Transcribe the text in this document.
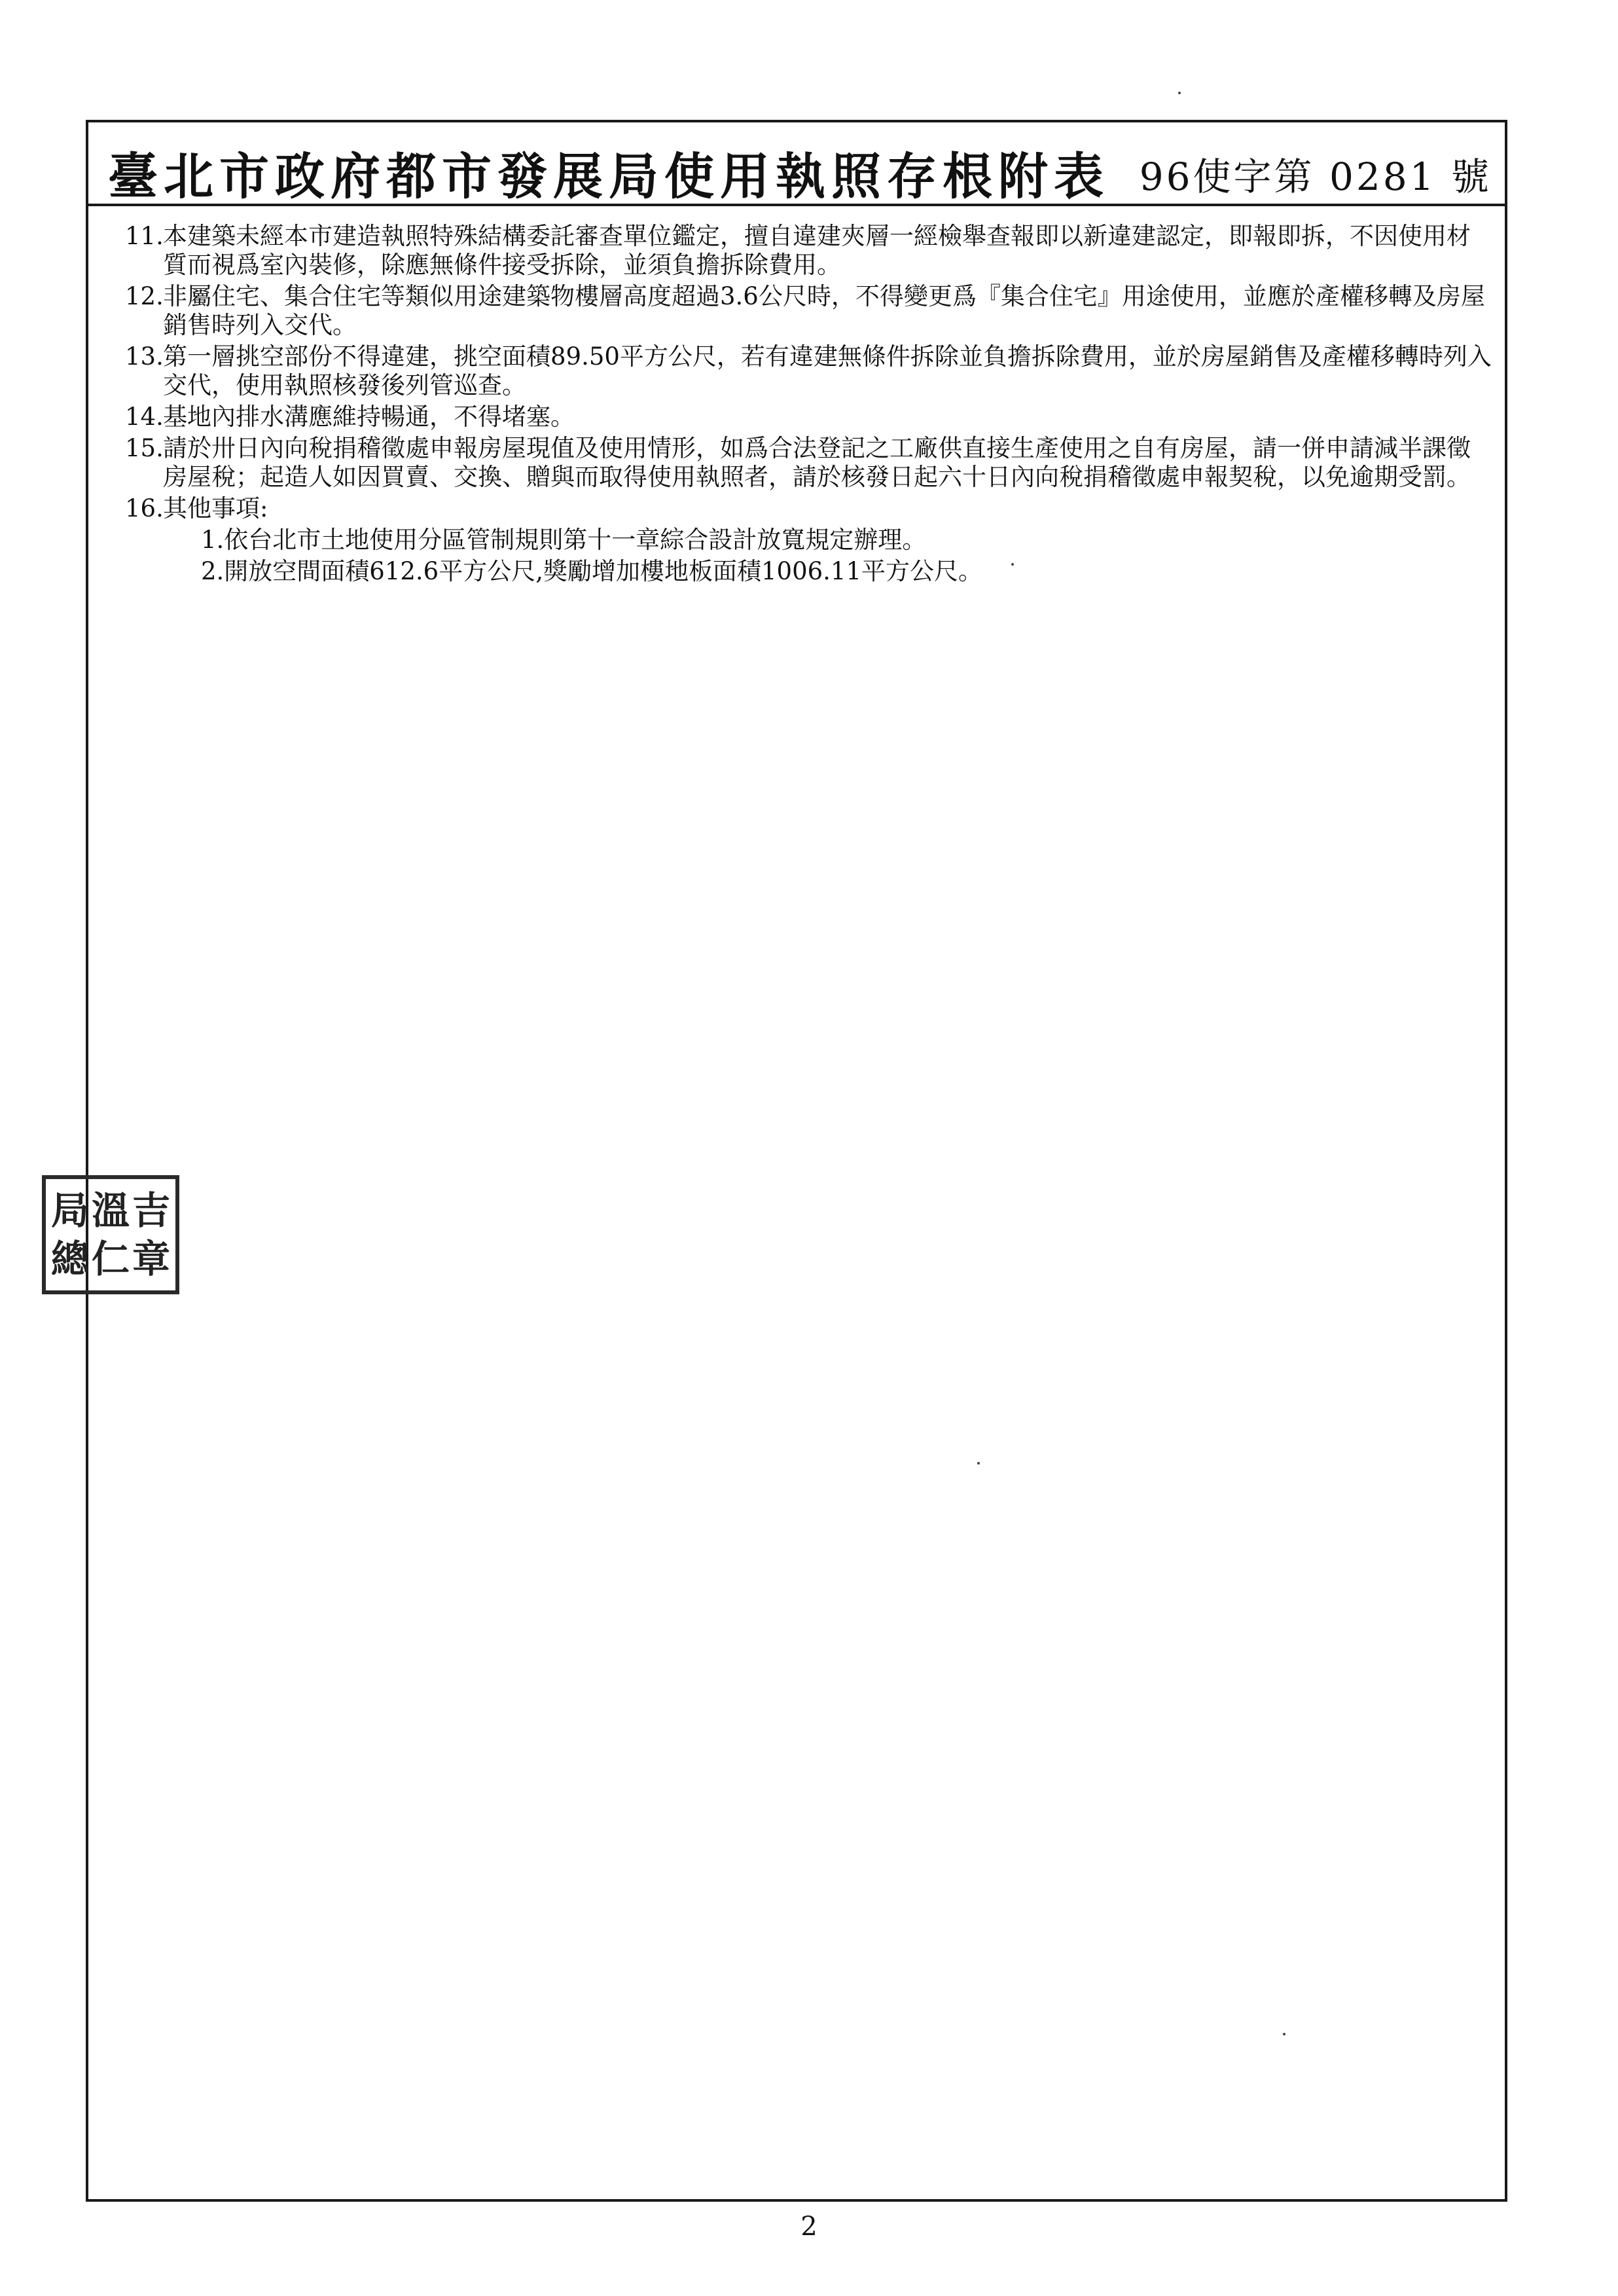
臺北市政府都市發展局使用執照存根附表 96使字第 0281 號
11. 本建築未經本市建造執照特殊結構委託審查單位鑑定，擅自違建夾層一經檢舉查報即以新違建認定，即報即拆，不因使用材質而視爲室內裝修，除應無條件接受拆除，並須負擔拆除費用。
12. 非屬住宅、集合住宅等類似用途建築物樓層高度超過3.6公尺時，不得變更爲『集合住宅』用途使用，並應於產權移轉及房屋銷售時列入交代。
13. 第一層挑空部份不得違建，挑空面積89.50平方公尺，若有違建無條件拆除並負擔拆除費用，並於房屋銷售及產權移轉時列入交代，使用執照核發後列管巡查。
14. 基地內排水溝應維持暢通，不得堵塞。
15. 請於卅日內向稅捐稽徵處申報房屋現值及使用情形，如爲合法登記之工廠供直接生產使用之自有房屋，請一併申請減半課徵房屋稅；起造人如因買賣、交換、贈與而取得使用執照者，請於核發日起六十日內向稅捐稽徵處申報契稅，以免逾期受罰。
16. 其他事項:
1.依台北市土地使用分區管制規則第十一章綜合設計放寬規定辦理。
2.開放空間面積612.6平方公尺,獎勵增加樓地板面積1006.11平方公尺。
吉章
溫仁
局總
2
